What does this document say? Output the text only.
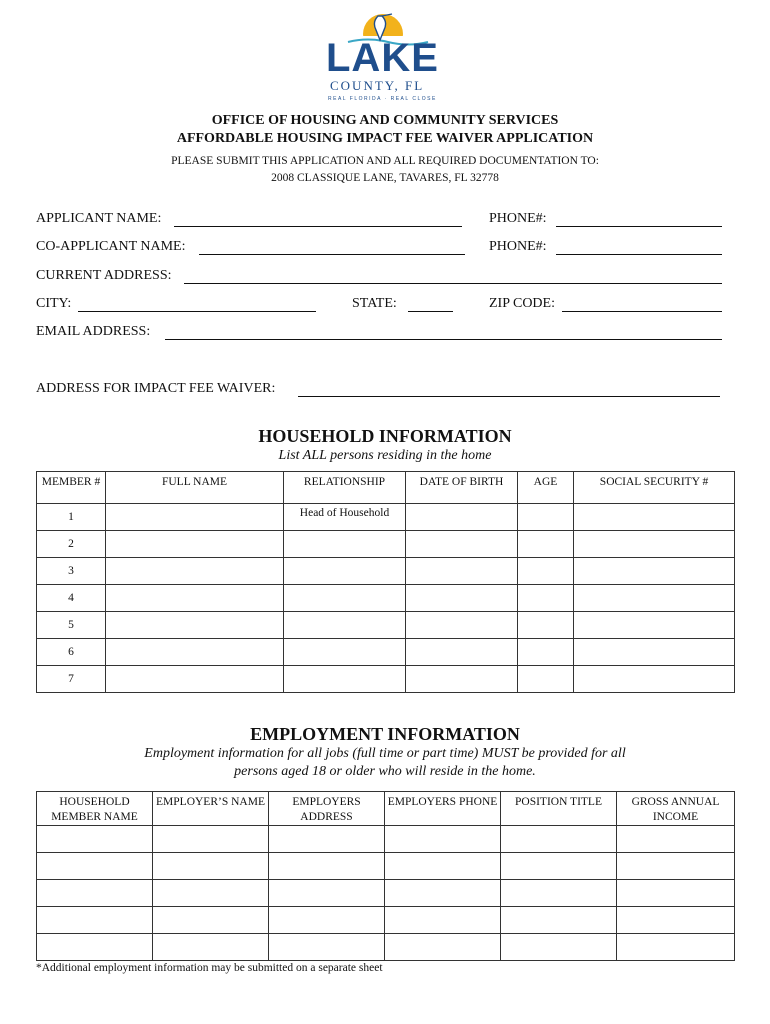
LAKE
COUNTY, FL
REAL FLORIDA · REAL CLOSE
OFFICE OF HOUSING AND COMMUNITY SERVICES
AFFORDABLE HOUSING IMPACT FEE WAIVER APPLICATION
PLEASE SUBMIT THIS APPLICATION AND ALL REQUIRED DOCUMENTATION TO:
2008 CLASSIQUE LANE, TAVARES, FL 32778
APPLICANT NAME:	PHONE#:
CO-APPLICANT NAME:	PHONE#:
CURRENT ADDRESS:
CITY:	STATE:	ZIP CODE:
EMAIL ADDRESS:
ADDRESS FOR IMPACT FEE WAIVER:
HOUSEHOLD INFORMATION
List ALL persons residing in the home
MEMBER #	FULL NAME	RELATIONSHIP	DATE OF BIRTH	AGE	SOCIAL SECURITY #
1		Head of Household			

2					
3					
4					
5					
6					
7					
EMPLOYMENT INFORMATION
Employment information for all jobs (full time or part time) MUST be provided for all
persons aged 18 or older who will reside in the home.
HOUSEHOLD MEMBER NAME	EMPLOYER’S NAME	EMPLOYERS ADDRESS	EMPLOYERS PHONE	POSITION TITLE	GROSS ANNUAL INCOME

*Additional employment information may be submitted on a separate sheet
